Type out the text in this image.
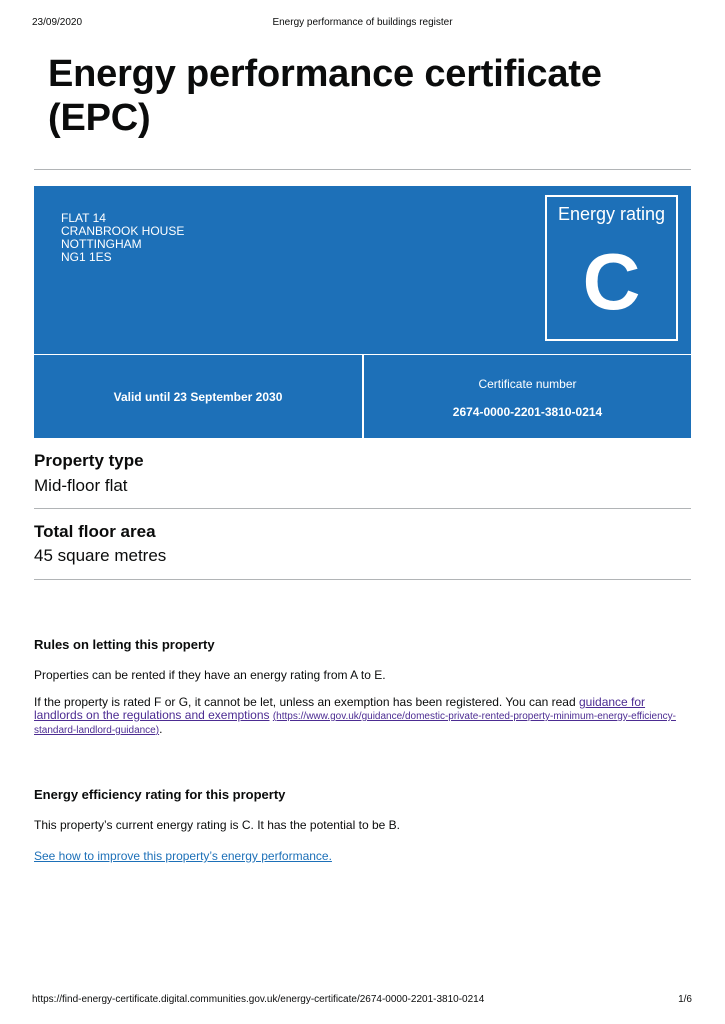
23/09/2020	Energy performance of buildings register
Energy performance certificate (EPC)
FLAT 14
CRANBROOK HOUSE
NOTTINGHAM
NG1 1ES
Energy rating
C
Valid until 23 September 2030
Certificate number
2674-0000-2201-3810-0214
Property type
Mid-floor flat
Total floor area
45 square metres
Rules on letting this property

Properties can be rented if they have an energy rating from A to E.

If the property is rated F or G, it cannot be let, unless an exemption has been registered. You can read guidance for landlords on the regulations and exemptions (https://www.gov.uk/guidance/domestic-private-rented-property-minimum-energy-efficiency-standard-landlord-guidance).

Energy efficiency rating for this property

This property’s current energy rating is C. It has the potential to be B.

See how to improve this property’s energy performance.

https://find-energy-certificate.digital.communities.gov.uk/energy-certificate/2674-0000-2201-3810-0214	1/6
